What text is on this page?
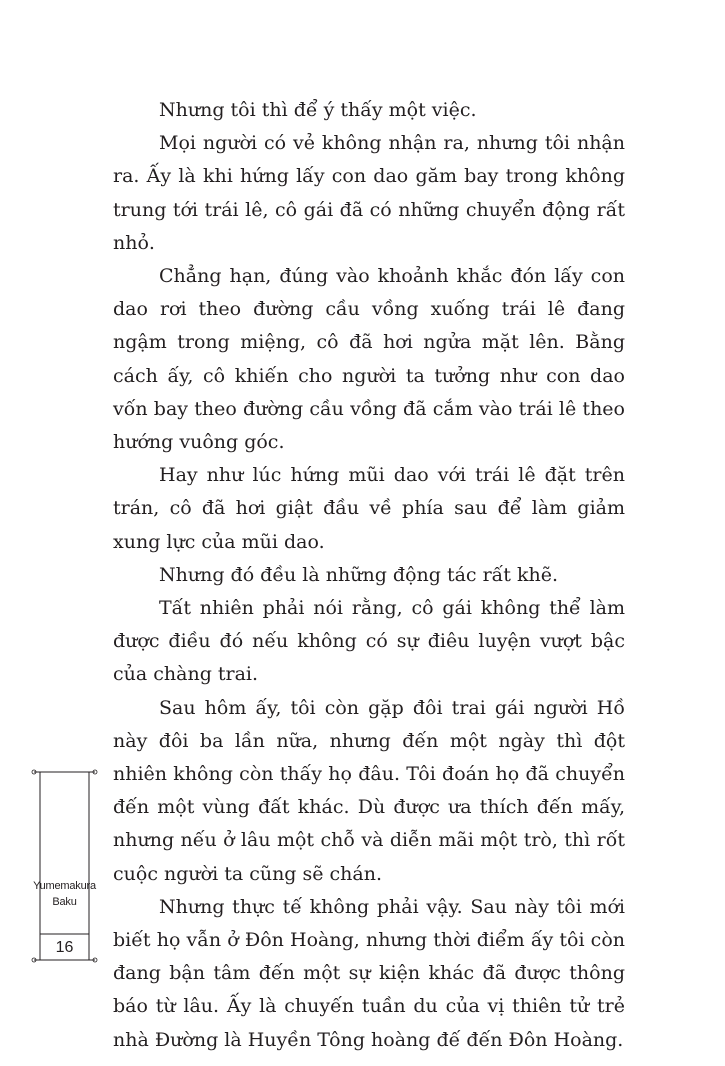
Nhưng tôi thì để ý thấy một việc.

Mọi người có vẻ không nhận ra, nhưng tôi nhận ra. Ấy là khi hứng lấy con dao găm bay trong không trung tới trái lê, cô gái đã có những chuyển động rất nhỏ.

Chẳng hạn, đúng vào khoảnh khắc đón lấy con dao rơi theo đường cầu vồng xuống trái lê đang ngậm trong miệng, cô đã hơi ngửa mặt lên. Bằng cách ấy, cô khiến cho người ta tưởng như con dao vốn bay theo đường cầu vồng đã cắm vào trái lê theo hướng vuông góc.

Hay như lúc hứng mũi dao với trái lê đặt trên trán, cô đã hơi giật đầu về phía sau để làm giảm xung lực của mũi dao.

Nhưng đó đều là những động tác rất khẽ.

Tất nhiên phải nói rằng, cô gái không thể làm được điều đó nếu không có sự điêu luyện vượt bậc của chàng trai.

Sau hôm ấy, tôi còn gặp đôi trai gái người Hồ này đôi ba lần nữa, nhưng đến một ngày thì đột nhiên không còn thấy họ đâu. Tôi đoán họ đã chuyển đến một vùng đất khác. Dù được ưa thích đến mấy, nhưng nếu ở lâu một chỗ và diễn mãi một trò, thì rốt cuộc người ta cũng sẽ chán.

Nhưng thực tế không phải vậy. Sau này tôi mới biết họ vẫn ở Đôn Hoàng, nhưng thời điểm ấy tôi còn đang bận tâm đến một sự kiện khác đã được thông báo từ lâu. Ấy là chuyến tuần du của vị thiên tử trẻ nhà Đường là Huyền Tông hoàng đế đến Đôn Hoàng.

Yumemakura
Baku
16
